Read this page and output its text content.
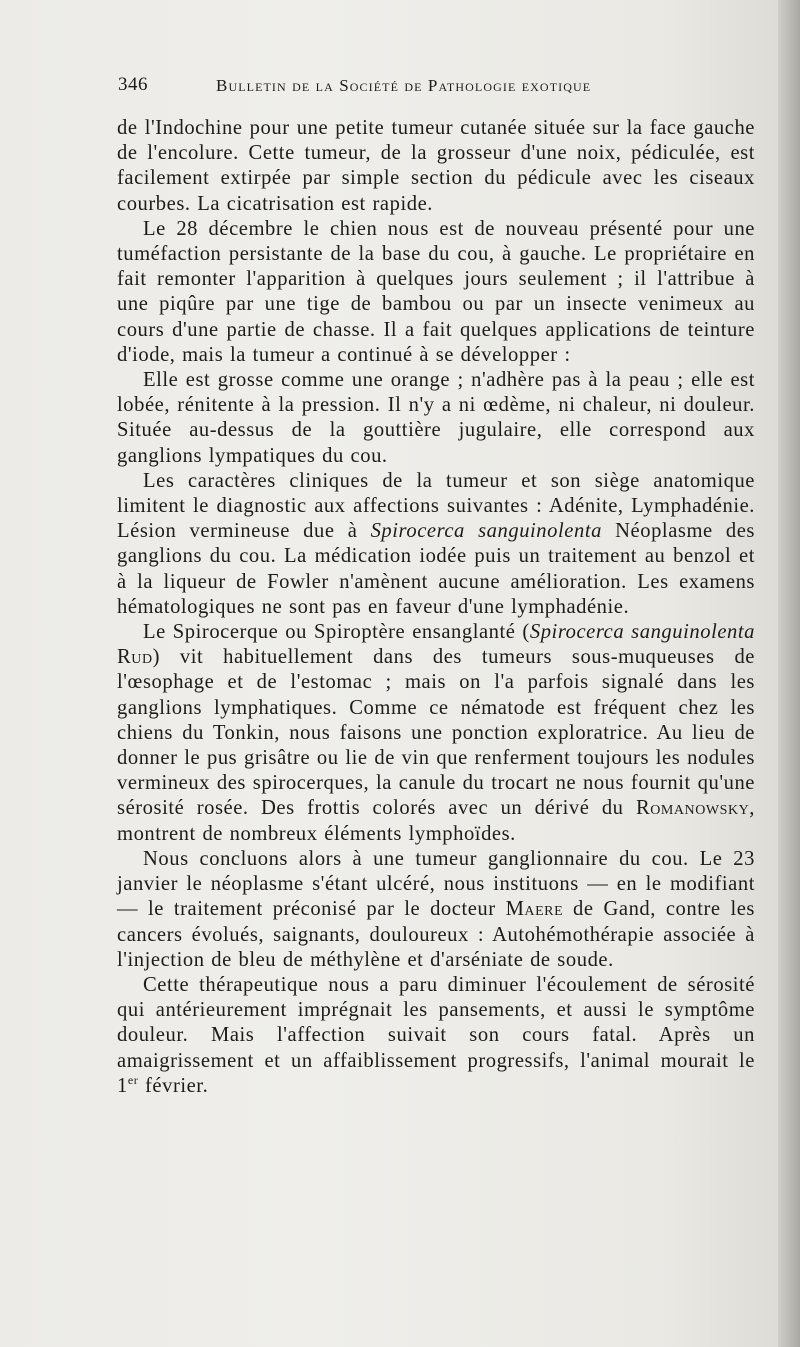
346	Bulletin de la Société de Pathologie exotique

de l'Indochine pour une petite tumeur cutanée située sur la face gauche de l'encolure. Cette tumeur, de la grosseur d'une noix, pédiculée, est facilement extirpée par simple section du pédicule avec les ciseaux courbes. La cicatrisation est rapide.

Le 28 décembre le chien nous est de nouveau présenté pour une tuméfaction persistante de la base du cou, à gauche. Le propriétaire en fait remonter l'apparition à quelques jours seulement ; il l'attribue à une piqûre par une tige de bambou ou par un insecte venimeux au cours d'une partie de chasse. Il a fait quelques applications de teinture d'iode, mais la tumeur a continué à se développer :

Elle est grosse comme une orange ; n'adhère pas à la peau ; elle est lobée, rénitente à la pression. Il n'y a ni œdème, ni chaleur, ni douleur. Située au-dessus de la gouttière jugulaire, elle correspond aux ganglions lympatiques du cou.

Les caractères cliniques de la tumeur et son siège anatomique limitent le diagnostic aux affections suivantes : Adénite, Lymphadénie. Lésion vermineuse due à Spirocerca sanguinolenta Néoplasme des ganglions du cou. La médication iodée puis un traitement au benzol et à la liqueur de Fowler n'amènent aucune amélioration. Les examens hématologiques ne sont pas en faveur d'une lymphadénie.

Le Spirocerque ou Spiroptère ensanglanté (Spirocerca sanguinolenta Rud) vit habituellement dans des tumeurs sous-muqueuses de l'œsophage et de l'estomac ; mais on l'a parfois signalé dans les ganglions lymphatiques. Comme ce nématode est fréquent chez les chiens du Tonkin, nous faisons une ponction exploratrice. Au lieu de donner le pus grisâtre ou lie de vin que renferment toujours les nodules vermineux des spirocerques, la canule du trocart ne nous fournit qu'une sérosité rosée. Des frottis colorés avec un dérivé du Romanowsky, montrent de nombreux éléments lymphoïdes.

Nous concluons alors à une tumeur ganglionnaire du cou. Le 23 janvier le néoplasme s'étant ulcéré, nous instituons — en le modifiant — le traitement préconisé par le docteur Maere de Gand, contre les cancers évolués, saignants, douloureux : Autohémothérapie associée à l'injection de bleu de méthylène et d'arséniate de soude.

Cette thérapeutique nous a paru diminuer l'écoulement de sérosité qui antérieurement imprégnait les pansements, et aussi le symptôme douleur. Mais l'affection suivait son cours fatal. Après un amaigrissement et un affaiblissement progressifs, l'animal mourait le 1er février.
